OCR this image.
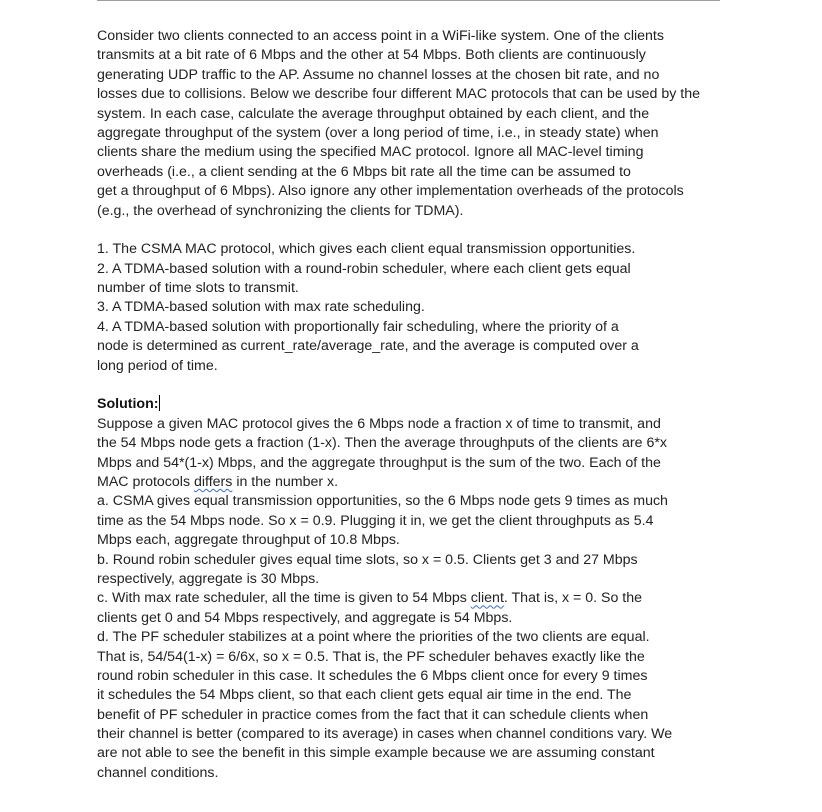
Consider two clients connected to an access point in a WiFi-like system. One of the clients
transmits at a bit rate of 6 Mbps and the other at 54 Mbps. Both clients are continuously
generating UDP traffic to the AP. Assume no channel losses at the chosen bit rate, and no
losses due to collisions. Below we describe four different MAC protocols that can be used by the
system. In each case, calculate the average throughput obtained by each client, and the
aggregate throughput of the system (over a long period of time, i.e., in steady state) when
clients share the medium using the specified MAC protocol. Ignore all MAC-level timing
overheads (i.e., a client sending at the 6 Mbps bit rate all the time can be assumed to
get a throughput of 6 Mbps). Also ignore any other implementation overheads of the protocols
(e.g., the overhead of synchronizing the clients for TDMA).
1. The CSMA MAC protocol, which gives each client equal transmission opportunities.
2. A TDMA-based solution with a round-robin scheduler, where each client gets equal
number of time slots to transmit.
3. A TDMA-based solution with max rate scheduling.
4. A TDMA-based solution with proportionally fair scheduling, where the priority of a
node is determined as current_rate/average_rate, and the average is computed over a
long period of time.
Solution:
Suppose a given MAC protocol gives the 6 Mbps node a fraction x of time to transmit, and
the 54 Mbps node gets a fraction (1-x). Then the average throughputs of the clients are 6*x
Mbps and 54*(1-x) Mbps, and the aggregate throughput is the sum of the two. Each of the
MAC protocols differs in the number x.
a. CSMA gives equal transmission opportunities, so the 6 Mbps node gets 9 times as much
time as the 54 Mbps node. So x = 0.9. Plugging it in, we get the client throughputs as 5.4
Mbps each, aggregate throughput of 10.8 Mbps.
b. Round robin scheduler gives equal time slots, so x = 0.5. Clients get 3 and 27 Mbps
respectively, aggregate is 30 Mbps.
c. With max rate scheduler, all the time is given to 54 Mbps client. That is, x = 0. So the
clients get 0 and 54 Mbps respectively, and aggregate is 54 Mbps.
d. The PF scheduler stabilizes at a point where the priorities of the two clients are equal.
That is, 54/54(1-x) = 6/6x, so x = 0.5. That is, the PF scheduler behaves exactly like the
round robin scheduler in this case. It schedules the 6 Mbps client once for every 9 times
it schedules the 54 Mbps client, so that each client gets equal air time in the end. The
benefit of PF scheduler in practice comes from the fact that it can schedule clients when
their channel is better (compared to its average) in cases when channel conditions vary. We
are not able to see the benefit in this simple example because we are assuming constant
channel conditions.
